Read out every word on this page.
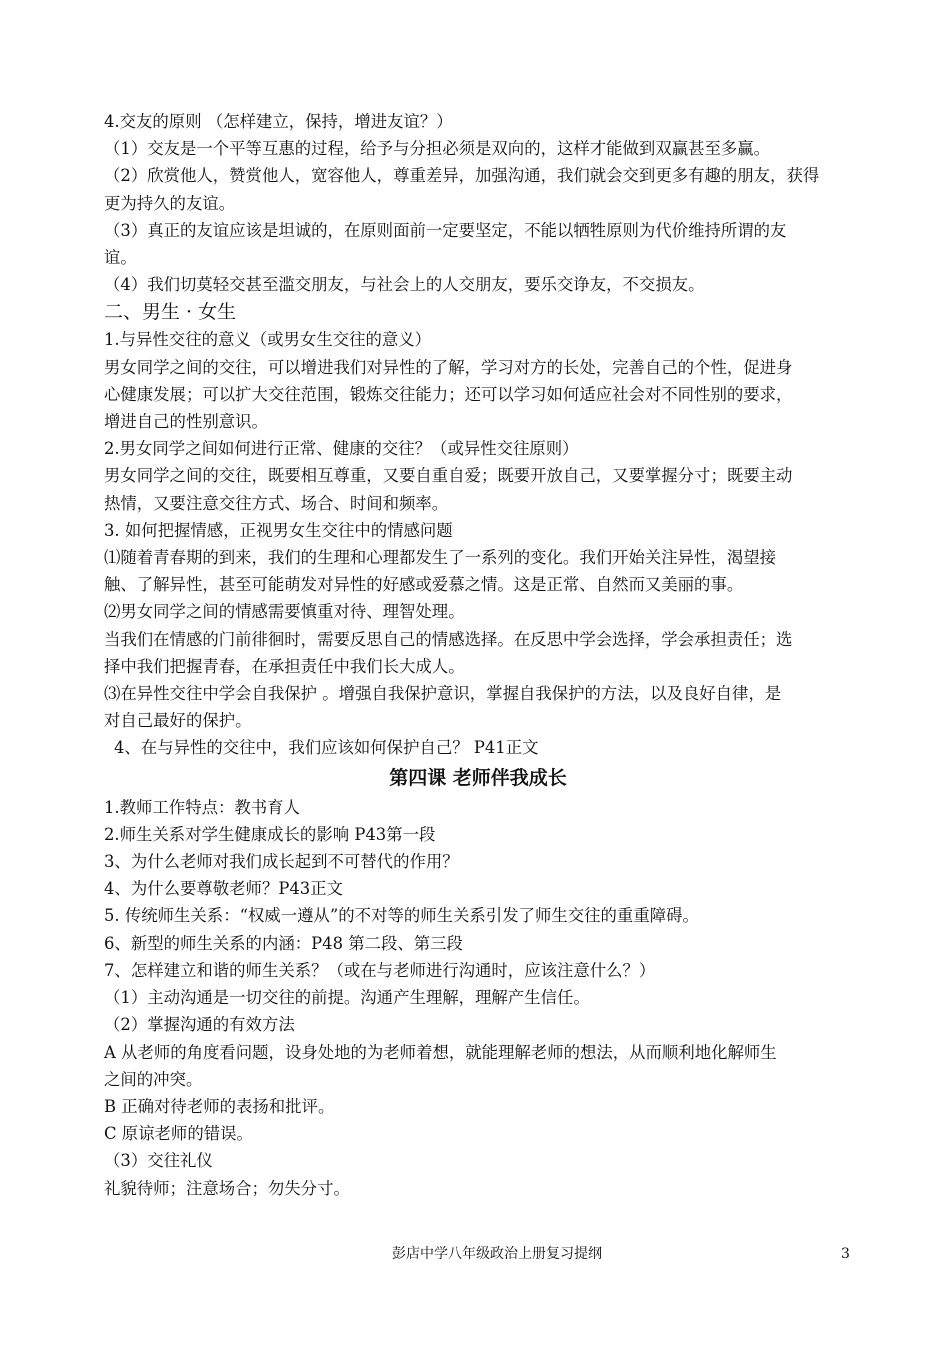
4.交友的原则 （怎样建立，保持，增进友谊？）
（1）交友是一个平等互惠的过程，给予与分担必须是双向的，这样才能做到双赢甚至多赢。
（2）欣赏他人，赞赏他人，宽容他人，尊重差异，加强沟通，我们就会交到更多有趣的朋友，获得
更为持久的友谊。
（3）真正的友谊应该是坦诚的，在原则面前一定要坚定，不能以牺牲原则为代价维持所谓的友
谊。
（4）我们切莫轻交甚至滥交朋友，与社会上的人交朋友，要乐交诤友，不交损友。
二、男生 · 女生
1.与异性交往的意义（或男女生交往的意义）
男女同学之间的交往，可以增进我们对异性的了解，学习对方的长处，完善自己的个性，促进身
心健康发展；可以扩大交往范围，锻炼交往能力；还可以学习如何适应社会对不同性别的要求，
增进自己的性别意识。
2.男女同学之间如何进行正常、健康的交往？（或异性交往原则）
男女同学之间的交往，既要相互尊重，又要自重自爱；既要开放自己，又要掌握分寸；既要主动
热情，又要注意交往方式、场合、时间和频率。
3. 如何把握情感，正视男女生交往中的情感问题
⑴随着青春期的到来，我们的生理和心理都发生了一系列的变化。我们开始关注异性，渴望接
触、了解异性，甚至可能萌发对异性的好感或爱慕之情。这是正常、自然而又美丽的事。
⑵男女同学之间的情感需要慎重对待、理智处理。
当我们在情感的门前徘徊时，需要反思自己的情感选择。在反思中学会选择，学会承担责任；选
择中我们把握青春，在承担责任中我们长大成人。
⑶在异性交往中学会自我保护 。增强自我保护意识，掌握自我保护的方法，以及良好自律，是
对自己最好的保护。
4、在与异性的交往中，我们应该如何保护自己？ P41正文
第四课 老师伴我成长
1.教师工作特点：教书育人
2.师生关系对学生健康成长的影响 P43第一段
3、为什么老师对我们成长起到不可替代的作用？
4、为什么要尊敬老师？P43正文
5. 传统师生关系：“权威一遵从”的不对等的师生关系引发了师生交往的重重障碍。
6、新型的师生关系的内涵：P48 第二段、第三段
7、怎样建立和谐的师生关系？（或在与老师进行沟通时，应该注意什么？）
（1）主动沟通是一切交往的前提。沟通产生理解，理解产生信任。
（2）掌握沟通的有效方法
A 从老师的角度看问题，设身处地的为老师着想，就能理解老师的想法，从而顺利地化解师生
之间的冲突。
B 正确对待老师的表扬和批评。
C 原谅老师的错误。
（3）交往礼仪
礼貌待师；注意场合；勿失分寸。
彭店中学八年级政治上册复习提纲	3
